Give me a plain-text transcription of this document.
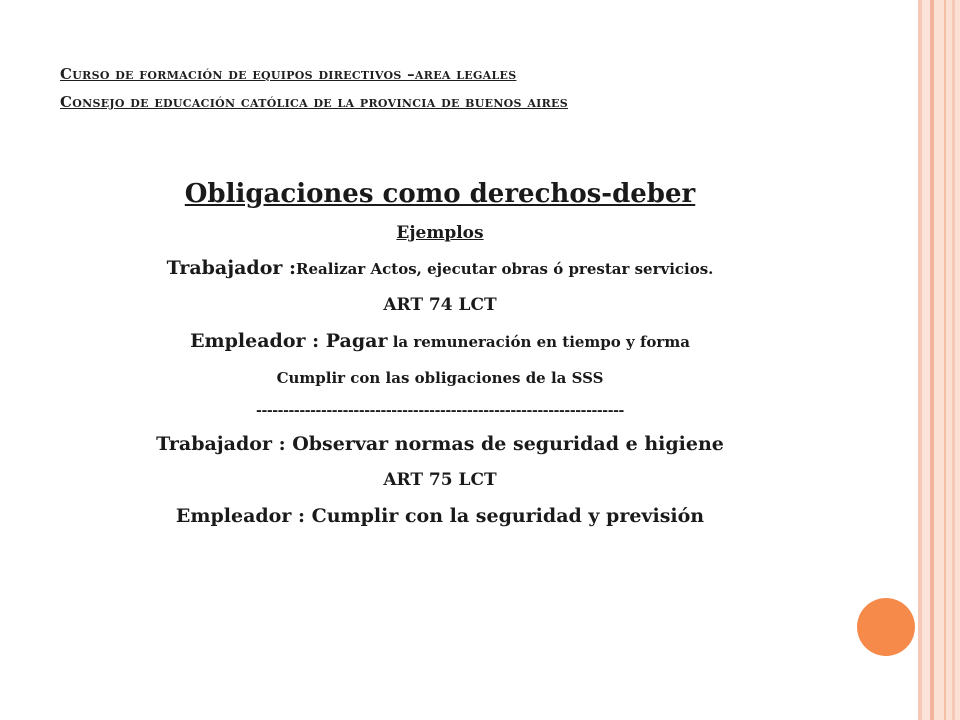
Curso de formación de equipos directivos –area legales
Consejo de educación católica de la provincia de buenos aires
Obligaciones como derechos-deber
Ejemplos
Trabajador :Realizar Actos, ejecutar obras ó prestar servicios.
ART 74 LCT
Empleador : Pagar la remuneración en tiempo y forma
Cumplir con las obligaciones de la SSS
--------------------------------------------------------------------
Trabajador : Observar normas de seguridad e higiene
ART 75 LCT
Empleador : Cumplir con la seguridad y previsión
